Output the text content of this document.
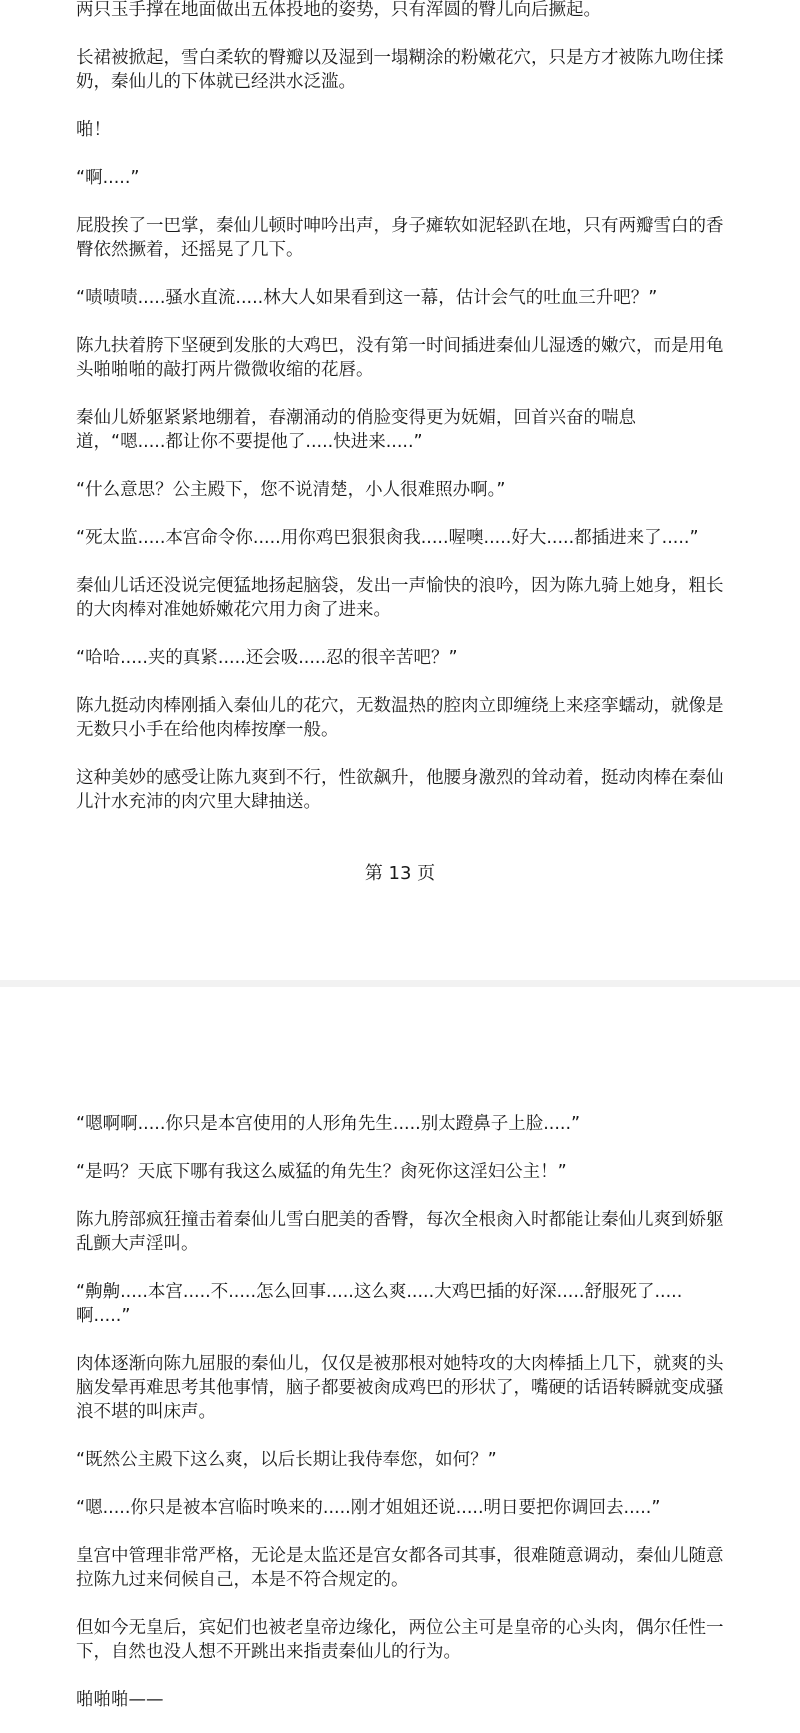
两只玉手撑在地面做出五体投地的姿势，只有浑圆的臀儿向后撅起。

长裙被掀起，雪白柔软的臀瓣以及湿到一塌糊涂的粉嫩花穴，只是方才被陈九吻住揉奶，秦仙儿的下体就已经洪水泛滥。

啪！

“啊.....”

屁股挨了一巴掌，秦仙儿顿时呻吟出声，身子瘫软如泥轻趴在地，只有两瓣雪白的香臀依然撅着，还摇晃了几下。

“啧啧啧.....骚水直流.....林大人如果看到这一幕，估计会气的吐血三升吧？”

陈九扶着胯下坚硬到发胀的大鸡巴，没有第一时间插进秦仙儿湿透的嫩穴，而是用龟头啪啪啪的敲打两片微微收缩的花唇。

秦仙儿娇躯紧紧地绷着，春潮涌动的俏脸变得更为妩媚，回首兴奋的喘息道，“嗯.....都让你不要提他了.....快进来.....”

“什么意思？公主殿下，您不说清楚，小人很难照办啊。”

“死太监.....本宫命令你.....用你鸡巴狠狠肏我.....喔噢.....好大.....都插进来了.....”

秦仙儿话还没说完便猛地扬起脑袋，发出一声愉快的浪吟，因为陈九骑上她身，粗长的大肉棒对准她娇嫩花穴用力肏了进来。

“哈哈.....夹的真紧.....还会吸.....忍的很辛苦吧？”

陈九挺动肉棒刚插入秦仙儿的花穴，无数温热的腔肉立即缠绕上来痉挛蠕动，就像是无数只小手在给他肉棒按摩一般。

这种美妙的感受让陈九爽到不行，性欲飙升，他腰身激烈的耸动着，挺动肉棒在秦仙儿汁水充沛的肉穴里大肆抽送。

第 13 页

“嗯啊啊.....你只是本宫使用的人形角先生.....别太蹬鼻子上脸.....”

“是吗？天底下哪有我这么威猛的角先生？肏死你这淫妇公主！”

陈九胯部疯狂撞击着秦仙儿雪白肥美的香臀，每次全根肏入时都能让秦仙儿爽到娇躯乱颤大声淫叫。

“齁齁.....本宫.....不.....怎么回事.....这么爽.....大鸡巴插的好深.....舒服死了.....啊.....”

肉体逐渐向陈九屈服的秦仙儿，仅仅是被那根对她特攻的大肉棒插上几下，就爽的头脑发晕再难思考其他事情，脑子都要被肏成鸡巴的形状了，嘴硬的话语转瞬就变成骚浪不堪的叫床声。

“既然公主殿下这么爽，以后长期让我侍奉您，如何？”

“嗯.....你只是被本宫临时唤来的.....刚才姐姐还说.....明日要把你调回去.....”

皇宫中管理非常严格，无论是太监还是宫女都各司其事，很难随意调动，秦仙儿随意拉陈九过来伺候自己，本是不符合规定的。

但如今无皇后，宾妃们也被老皇帝边缘化，两位公主可是皇帝的心头肉，偶尔任性一下，自然也没人想不开跳出来指责秦仙儿的行为。

啪啪啪——
